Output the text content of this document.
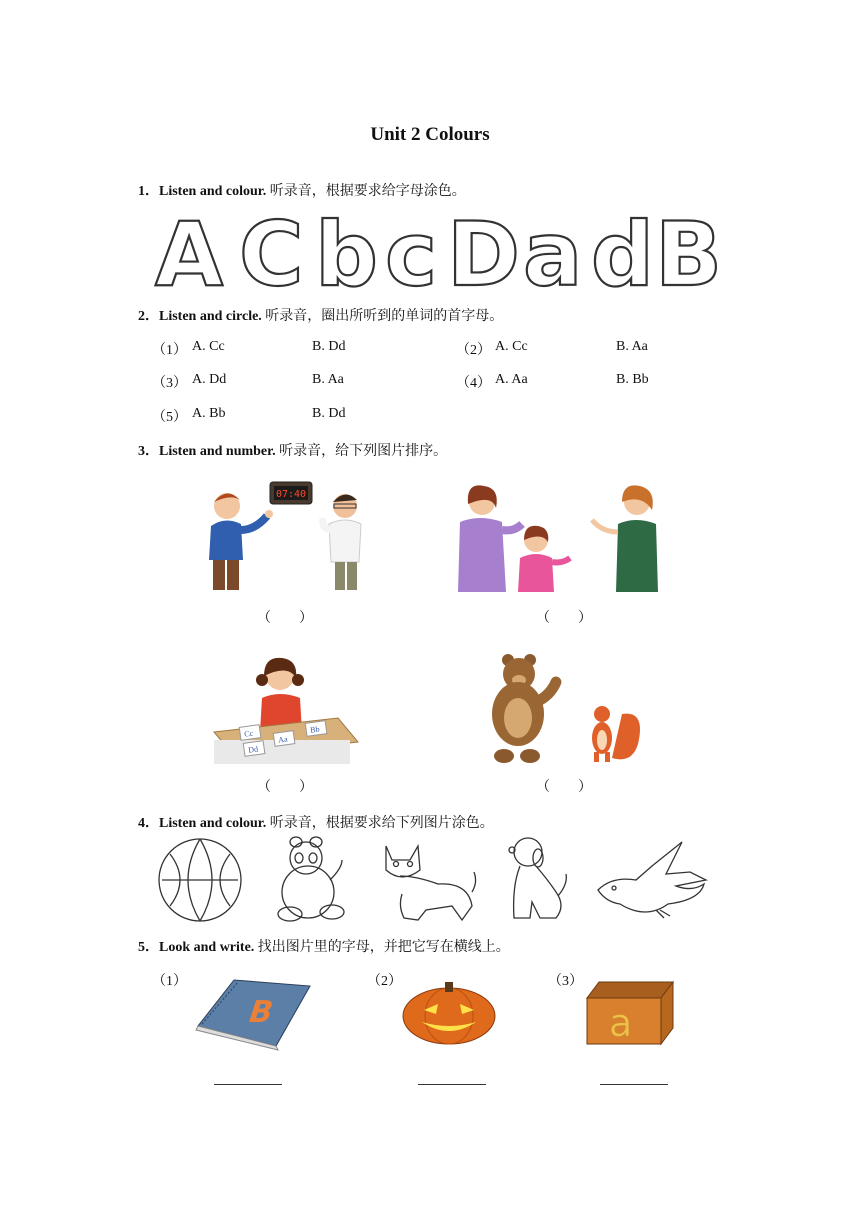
Unit 2 Colours
1．Listen and colour. 听录音，根据要求给字母涂色。
A C b c D a d B
2．Listen and circle. 听录音，圈出所听到的单词的首字母。
（1） A. Cc	B. Dd	（2） A. Cc	B. Aa
（3） A. Dd	B. Aa	（4） A. Aa	B. Bb
（5） A. Bb	B. Dd
3．Listen and number. 听录音，给下列图片排序。
07:40
（　　）	（　　）
Cc
Aa
Bb
Dd
（　　）	（　　）
4．Listen and colour. 听录音，根据要求给下列图片涂色。
5．Look and write. 找出图片里的字母，并把它写在横线上。
（1）	（2）	（3）
B	a
